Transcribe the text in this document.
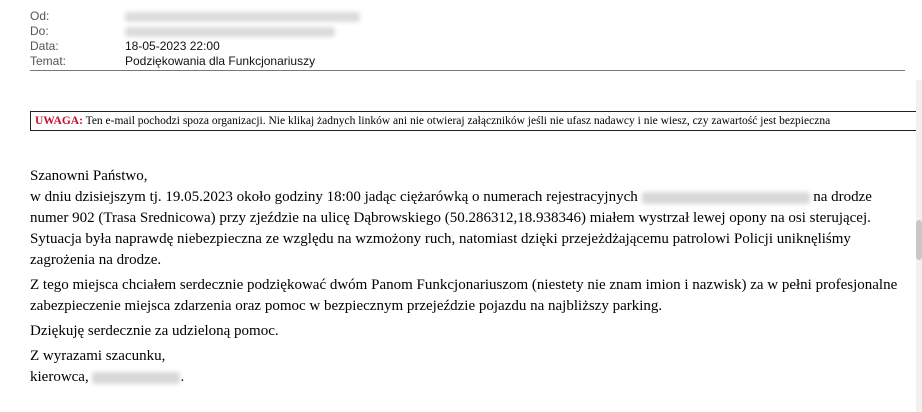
Od:
Do:
Data:	18-05-2023 22:00
Temat:	Podziękowania dla Funkcjonariuszy
UWAGA: Ten e-mail pochodzi spoza organizacji. Nie klikaj żadnych linków ani nie otwieraj załączników jeśli nie ufasz nadawcy i nie wiesz, czy zawartość jest bezpieczna

Szanowni Państwo,

w dniu dzisiejszym tj. 19.05.2023 około godziny 18:00 jadąc ciężarówką o numerach rejestracyjnych	na drodze numer 902 (Trasa Srednicowa) przy zjeździe na ulicę Dąbrowskiego (50.286312,18.938346) miałem wystrzał lewej opony na osi sterującej. Sytuacja była naprawdę niebezpieczna ze względu na wzmożony ruch, natomiast dzięki przejeżdżającemu patrolowi Policji uniknęliśmy zagrożenia na drodze.

Z tego miejsca chciałem serdecznie podziękować dwóm Panom Funkcjonariuszom (niestety nie znam imion i nazwisk) za w pełni profesjonalne zabezpieczenie miejsca zdarzenia oraz pomoc w bezpiecznym przejeździe pojazdu na najbliższy parking.

Dziękuję serdecznie za udzieloną pomoc.

Z wyrazami szacunku,

kierowca,	.
